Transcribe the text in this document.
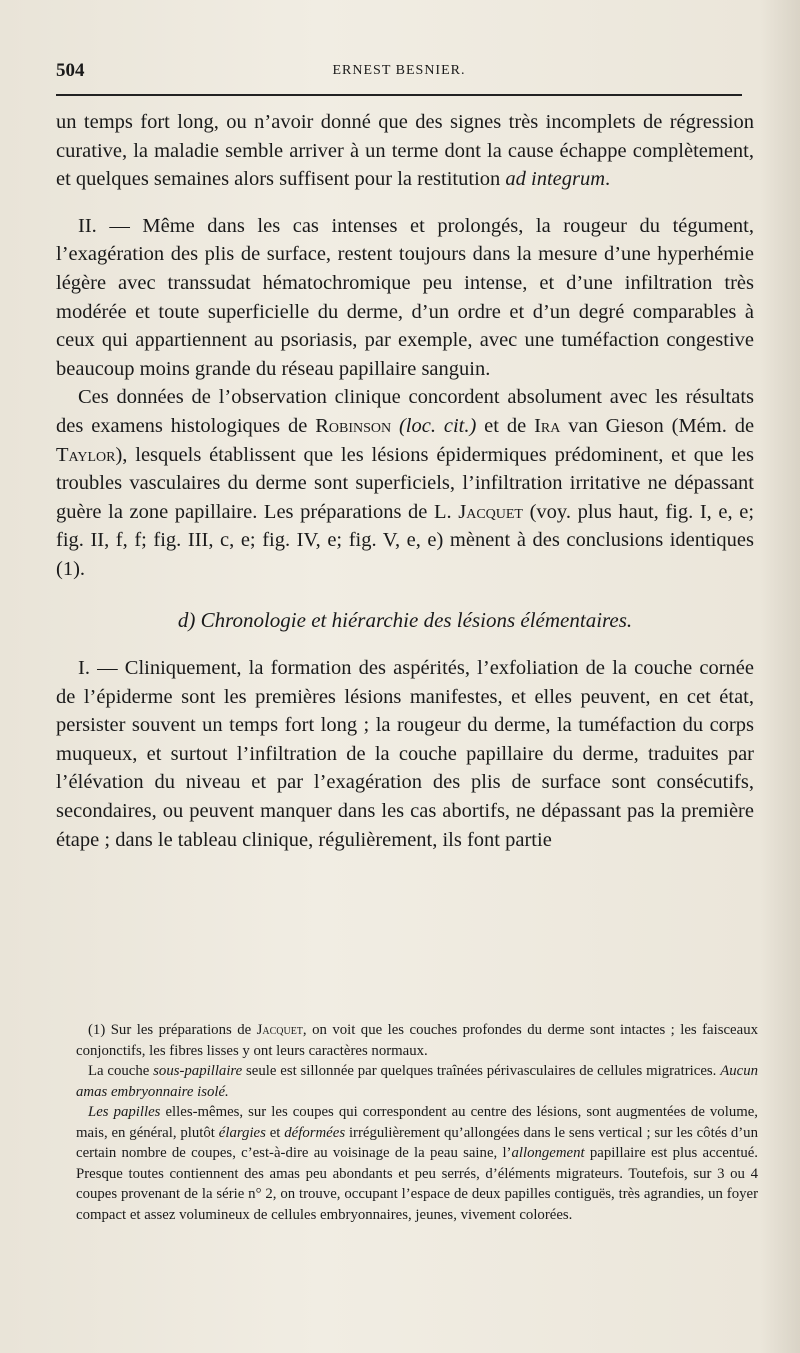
504	ERNEST BESNIER.

un temps fort long, ou n’avoir donné que des signes très incomplets de régression curative, la maladie semble arriver à un terme dont la cause échappe complètement, et quelques semaines alors suffisent pour la restitution ad integrum.

II. — Même dans les cas intenses et prolongés, la rougeur du tégument, l’exagération des plis de surface, restent toujours dans la mesure d’une hyperhémie légère avec transsudat hématochromique peu intense, et d’une infiltration très modérée et toute superficielle du derme, d’un ordre et d’un degré comparables à ceux qui appartiennent au psoriasis, par exemple, avec une tuméfaction congestive beaucoup moins grande du réseau papillaire sanguin.

Ces données de l’observation clinique concordent absolument avec les résultats des examens histologiques de Robinson (loc. cit.) et de Ira van Gieson (Mém. de Taylor), lesquels établissent que les lésions épidermiques prédominent, et que les troubles vasculaires du derme sont superficiels, l’infiltration irritative ne dépassant guère la zone papillaire. Les préparations de L. Jacquet (voy. plus haut, fig. I, e, e; fig. II, f, f; fig. III, c, e; fig. IV, e; fig. V, e, e) mènent à des conclusions identiques (1).

d) Chronologie et hiérarchie des lésions élémentaires.

I. — Cliniquement, la formation des aspérités, l’exfoliation de la couche cornée de l’épiderme sont les premières lésions manifestes, et elles peuvent, en cet état, persister souvent un temps fort long ; la rougeur du derme, la tuméfaction du corps muqueux, et surtout l’infiltration de la couche papillaire du derme, traduites par l’élévation du niveau et par l’exagération des plis de surface sont consécutifs, secondaires, ou peuvent manquer dans les cas abortifs, ne dépassant pas la première étape ; dans le tableau clinique, régulièrement, ils font partie

(1) Sur les préparations de Jacquet, on voit que les couches profondes du derme sont intactes ; les faisceaux conjonctifs, les fibres lisses y ont leurs caractères normaux.

La couche sous-papillaire seule est sillonnée par quelques traînées périvasculaires de cellules migratrices. Aucun amas embryonnaire isolé.

Les papilles elles-mêmes, sur les coupes qui correspondent au centre des lésions, sont augmentées de volume, mais, en général, plutôt élargies et déformées irrégulièrement qu’allongées dans le sens vertical ; sur les côtés d’un certain nombre de coupes, c’est-à-dire au voisinage de la peau saine, l’allongement papillaire est plus accentué. Presque toutes contiennent des amas peu abondants et peu serrés, d’éléments migrateurs. Toutefois, sur 3 ou 4 coupes provenant de la série n° 2, on trouve, occupant l’espace de deux papilles contiguës, très agrandies, un foyer compact et assez volumineux de cellules embryonnaires, jeunes, vivement colorées.
